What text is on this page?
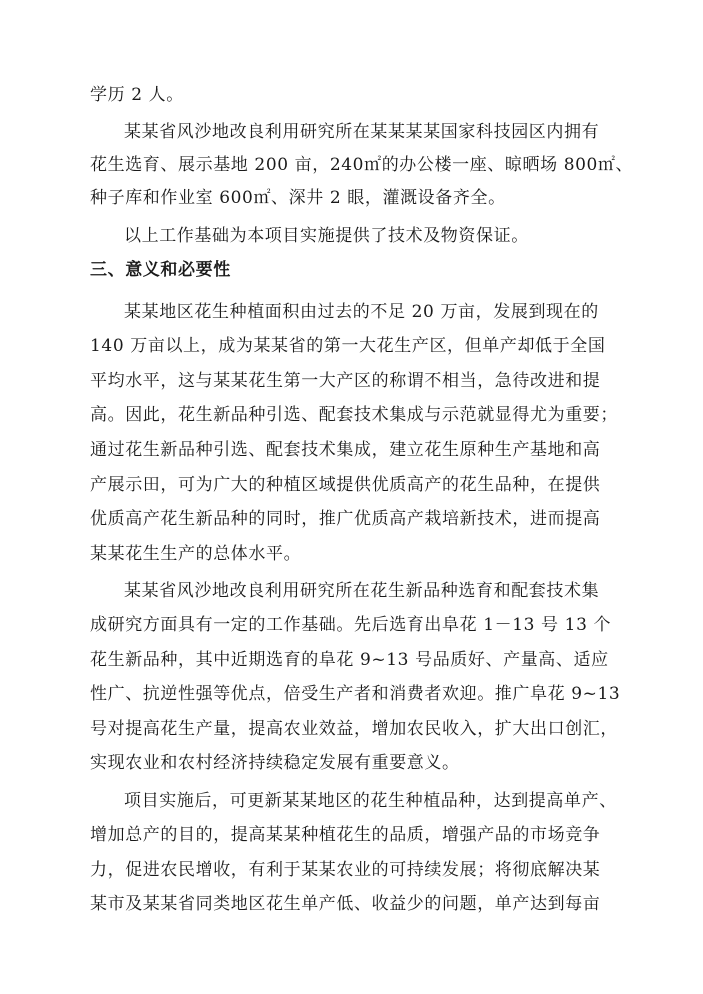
学历 2 人。
某某省风沙地改良利用研究所在某某某某国家科技园区内拥有
花生选育、展示基地 200 亩，240㎡的办公楼一座、晾晒场 800㎡、
种子库和作业室 600㎡、深井 2 眼，灌溉设备齐全。
以上工作基础为本项目实施提供了技术及物资保证。
三、意义和必要性
某某地区花生种植面积由过去的不足 20 万亩，发展到现在的
140 万亩以上，成为某某省的第一大花生产区，但单产却低于全国
平均水平，这与某某花生第一大产区的称谓不相当，急待改进和提
高。因此，花生新品种引选、配套技术集成与示范就显得尤为重要；
通过花生新品种引选、配套技术集成，建立花生原种生产基地和高
产展示田，可为广大的种植区域提供优质高产的花生品种，在提供
优质高产花生新品种的同时，推广优质高产栽培新技术，进而提高
某某花生生产的总体水平。
某某省风沙地改良利用研究所在花生新品种选育和配套技术集
成研究方面具有一定的工作基础。先后选育出阜花 1－13 号 13 个
花生新品种，其中近期选育的阜花 9~13 号品质好、产量高、适应
性广、抗逆性强等优点，倍受生产者和消费者欢迎。推广阜花 9~13
号对提高花生产量，提高农业效益，增加农民收入，扩大出口创汇，
实现农业和农村经济持续稳定发展有重要意义。
项目实施后，可更新某某地区的花生种植品种，达到提高单产、
增加总产的目的，提高某某种植花生的品质，增强产品的市场竞争
力，促进农民增收，有利于某某农业的可持续发展；将彻底解决某
某市及某某省同类地区花生单产低、收益少的问题，单产达到每亩
